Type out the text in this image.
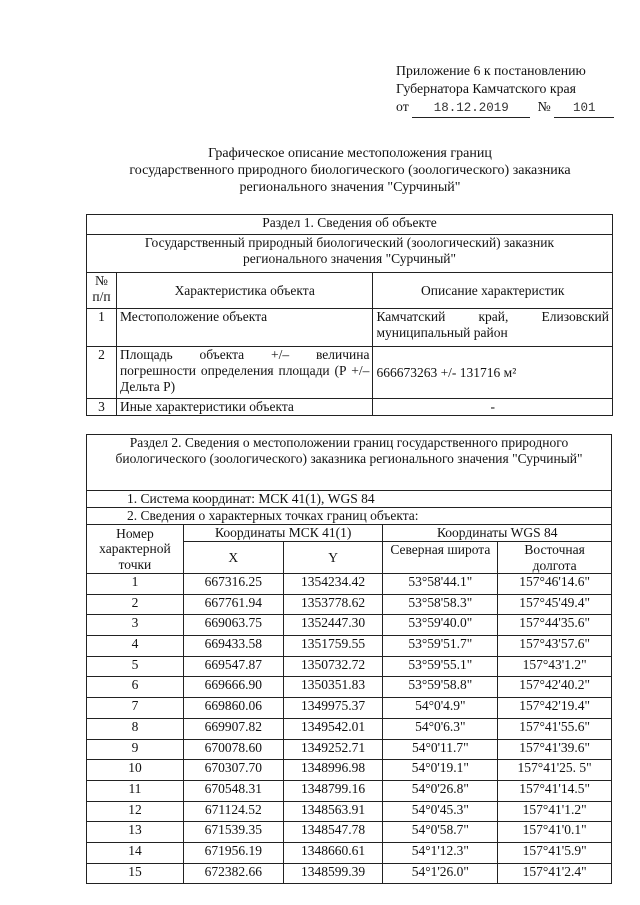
Приложение 6 к постановлению
Губернатора Камчатского края
от 18.12.2019 № 101
Графическое описание местоположения границ
государственного природного биологического (зоологического) заказника
регионального значения "Сурчиный"
Раздел 1. Сведения об объекте		

Государственный природный биологический (зоологический) заказник
регионального значения "Сурчиный"		

№ п/п	Характеристика объекта	Описание характеристик
1	Местоположение объекта	Камчатский край, Елизовский муниципальный район
2	Площадь объекта +/– величина погрешности определения площади (Р +/– Дельта Р)	666673263 +/- 131716 м²
3	Иные характеристики объекта	-
Раздел 2. Сведения о местоположении границ государственного природного биологического (зоологического) заказника регионального значения "Сурчиный"				
1. Система координат: МСК 41(1), WGS 84				
2. Сведения о характерных точках границ объекта:				
Номер характерной точки	Координаты МСК 41(1)		Координаты WGS 84	
	X	Y	Северная широта	Восточная долгота
1	667316.25	1354234.42	53°58'44.1"	157°46'14.6"
2	667761.94	1353778.62	53°58'58.3"	157°45'49.4"
3	669063.75	1352447.30	53°59'40.0"	157°44'35.6"
4	669433.58	1351759.55	53°59'51.7"	157°43'57.6"
5	669547.87	1350732.72	53°59'55.1"	157°43'1.2"
6	669666.90	1350351.83	53°59'58.8"	157°42'40.2"
7	669860.06	1349975.37	54°0'4.9"	157°42'19.4"
8	669907.82	1349542.01	54°0'6.3"	157°41'55.6"
9	670078.60	1349252.71	54°0'11.7"	157°41'39.6"
10	670307.70	1348996.98	54°0'19.1"	157°41'25. 5"
11	670548.31	1348799.16	54°0'26.8"	157°41'14.5"
12	671124.52	1348563.91	54°0'45.3"	157°41'1.2"
13	671539.35	1348547.78	54°0'58.7"	157°41'0.1"
14	671956.19	1348660.61	54°1'12.3"	157°41'5.9"
15	672382.66	1348599.39	54°1'26.0"	157°41'2.4"
